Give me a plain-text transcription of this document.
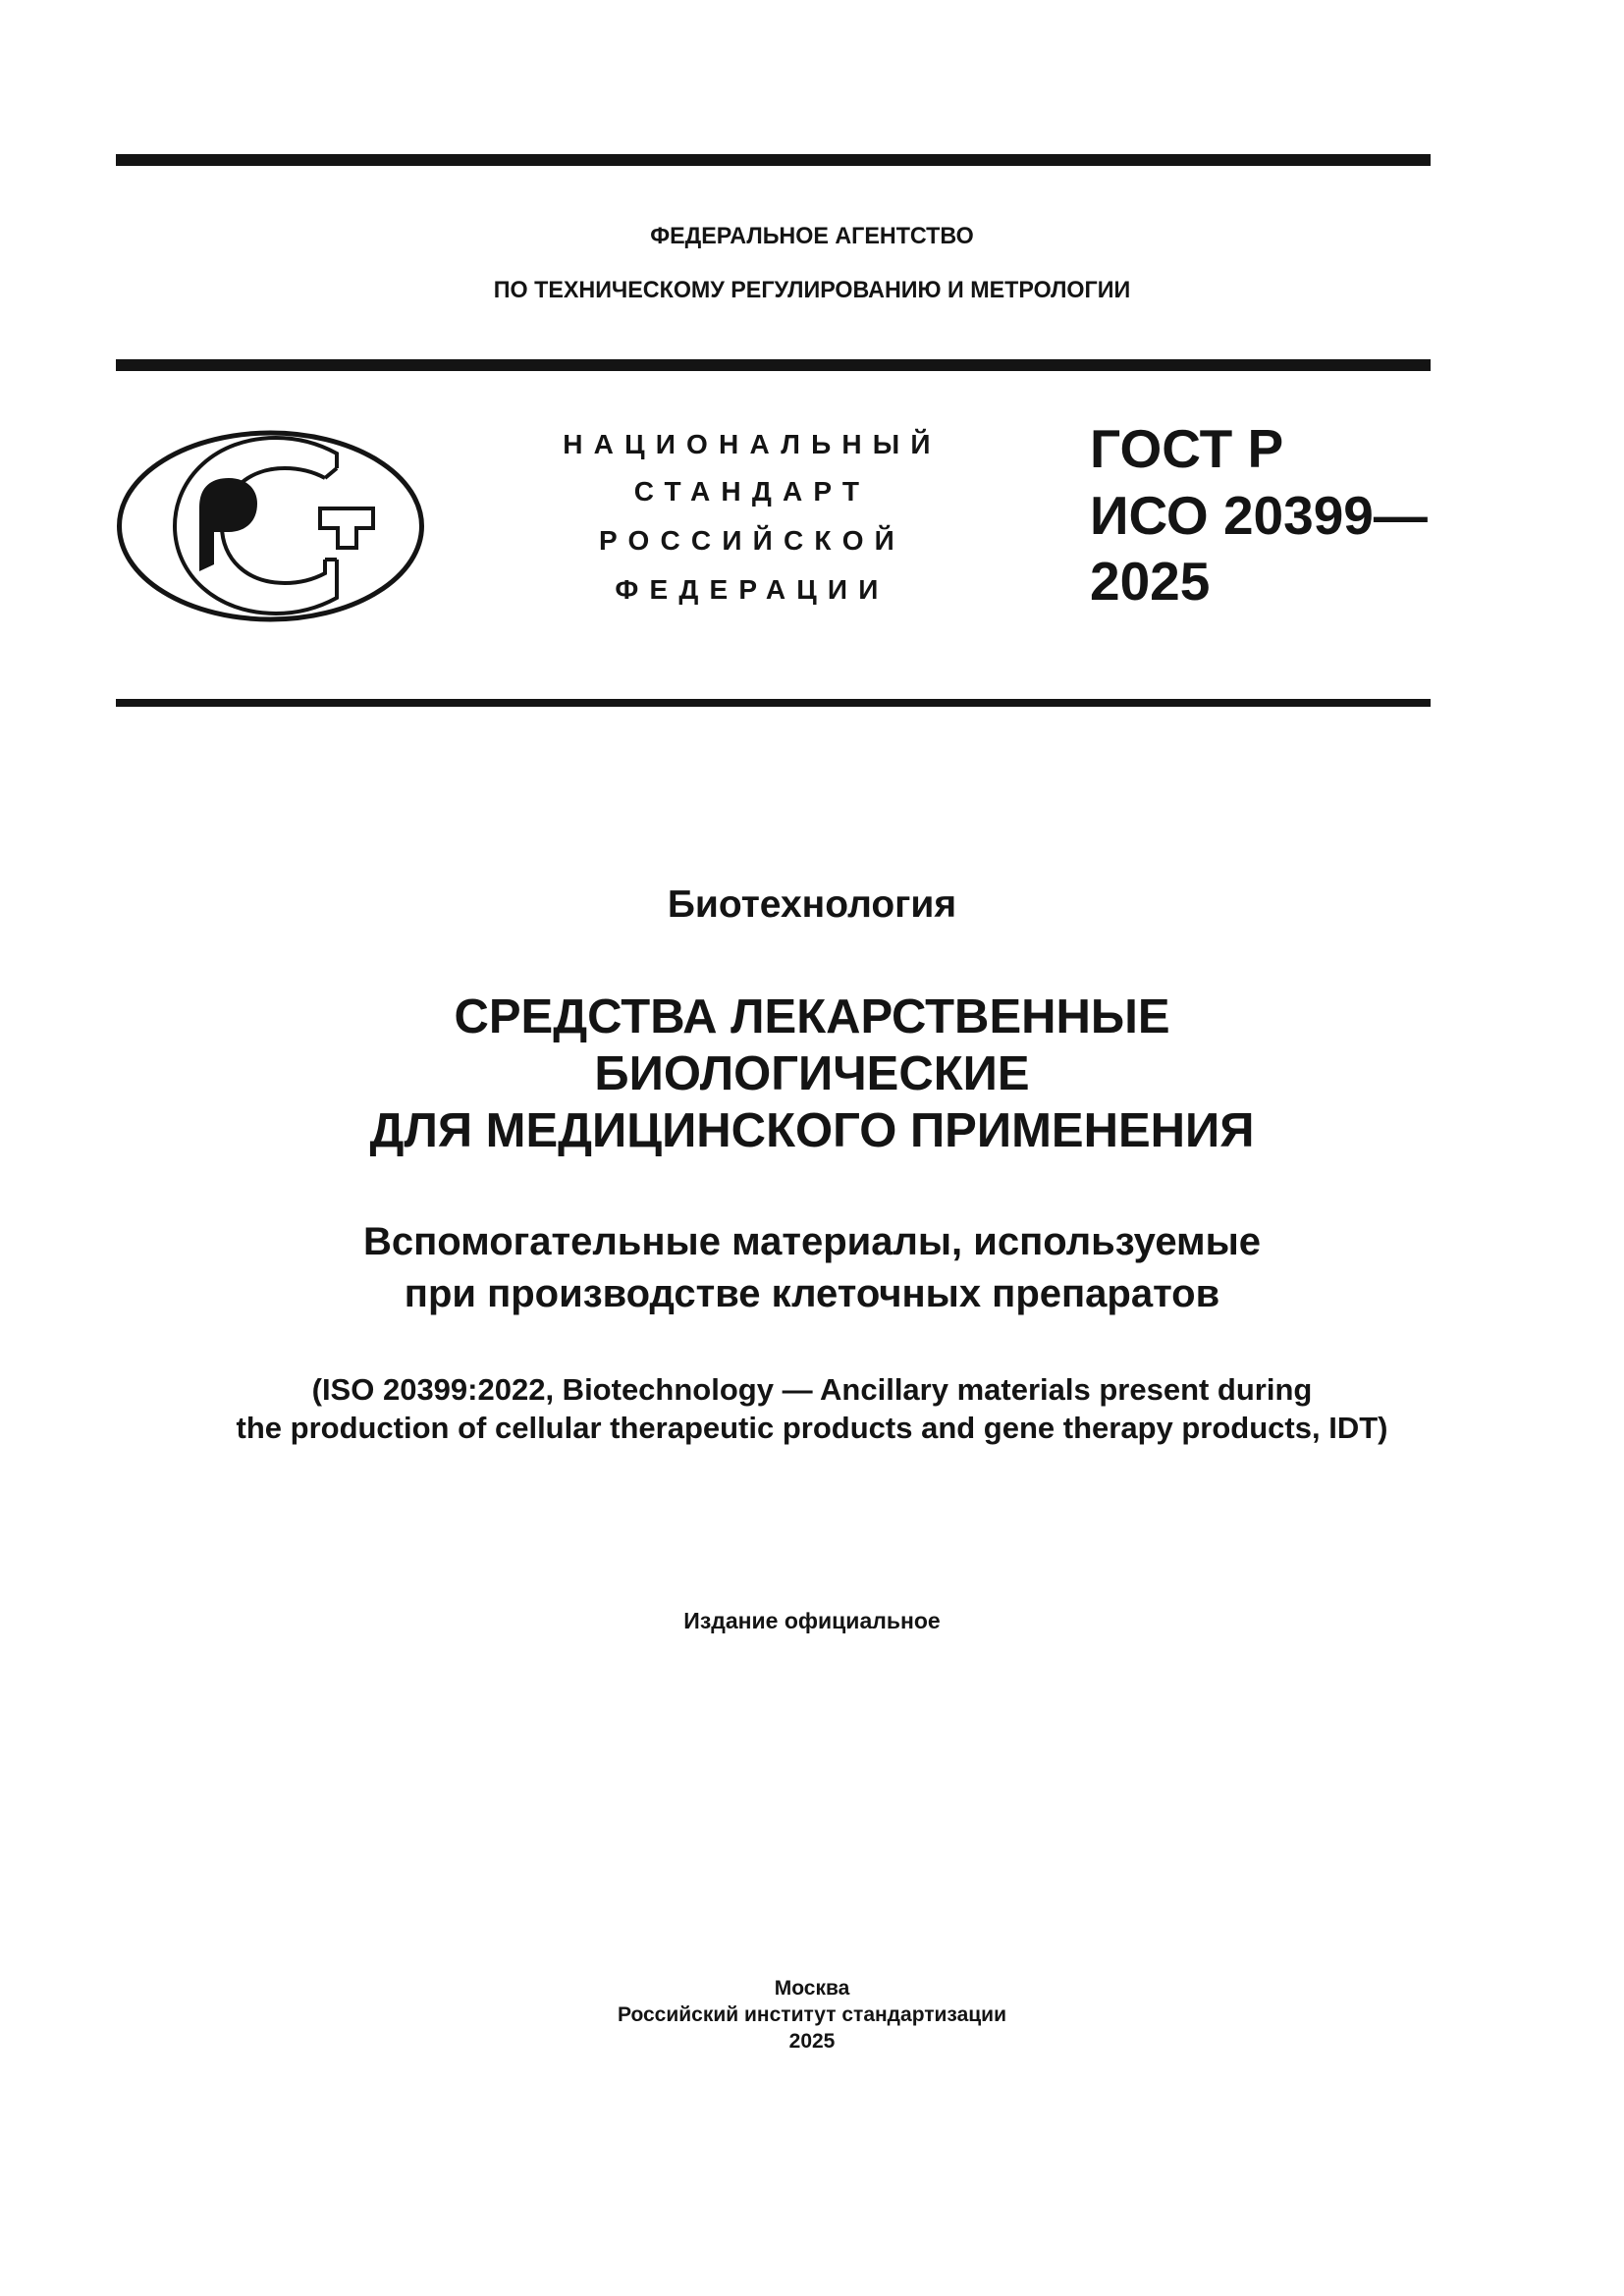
ФЕДЕРАЛЬНОЕ АГЕНТСТВО
ПО ТЕХНИЧЕСКОМУ РЕГУЛИРОВАНИЮ И МЕТРОЛОГИИ
НАЦИОНАЛЬНЫЙ
СТАНДАРТ
РОССИЙСКОЙ
ФЕДЕРАЦИИ
ГОСТ Р
ИСО 20399—
2025
Биотехнология
СРЕДСТВА ЛЕКАРСТВЕННЫЕ
БИОЛОГИЧЕСКИЕ
ДЛЯ МЕДИЦИНСКОГО ПРИМЕНЕНИЯ
Вспомогательные материалы, используемые
при производстве клеточных препаратов
(ISO 20399:2022, Biotechnology — Ancillary materials present during
the production of cellular therapeutic products and gene therapy products, IDT)
Издание официальное
Москва
Российский институт стандартизации
2025
